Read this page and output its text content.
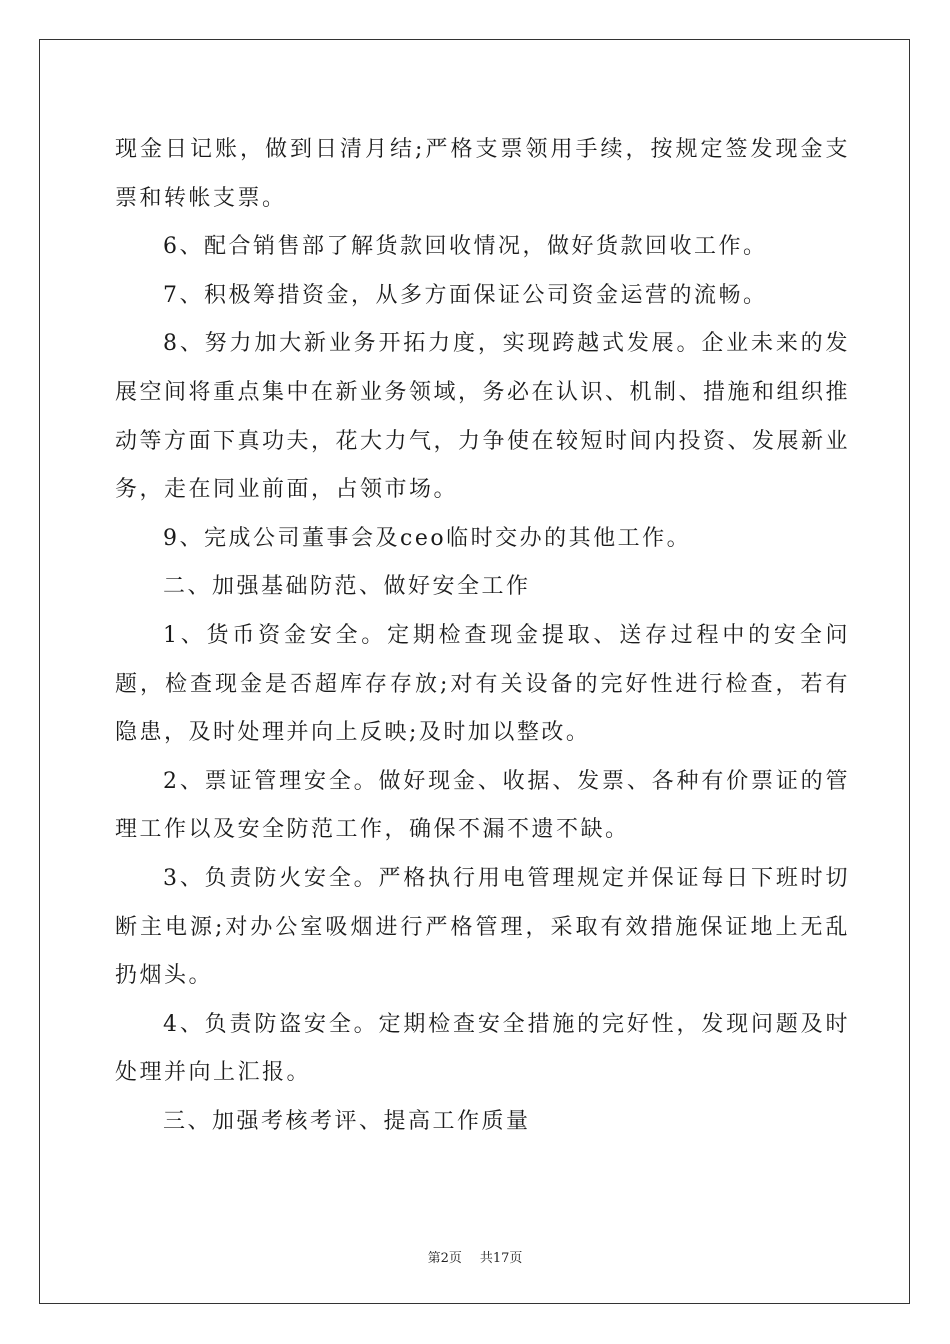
现金日记账，做到日清月结;严格支票领用手续，按规定签发现金支票和转帐支票。

6、配合销售部了解货款回收情况，做好货款回收工作。

7、积极筹措资金，从多方面保证公司资金运营的流畅。

8、努力加大新业务开拓力度，实现跨越式发展。企业未来的发展空间将重点集中在新业务领域，务必在认识、机制、措施和组织推动等方面下真功夫，花大力气，力争使在较短时间内投资、发展新业务，走在同业前面，占领市场。

9、完成公司董事会及ceo临时交办的其他工作。

二、加强基础防范、做好安全工作

1、货币资金安全。定期检查现金提取、送存过程中的安全问题，检查现金是否超库存存放;对有关设备的完好性进行检查，若有隐患，及时处理并向上反映;及时加以整改。

2、票证管理安全。做好现金、收据、发票、各种有价票证的管理工作以及安全防范工作，确保不漏不遗不缺。

3、负责防火安全。严格执行用电管理规定并保证每日下班时切断主电源;对办公室吸烟进行严格管理，采取有效措施保证地上无乱扔烟头。

4、负责防盗安全。定期检查安全措施的完好性，发现问题及时处理并向上汇报。

三、加强考核考评、提高工作质量

第2页 共17页
